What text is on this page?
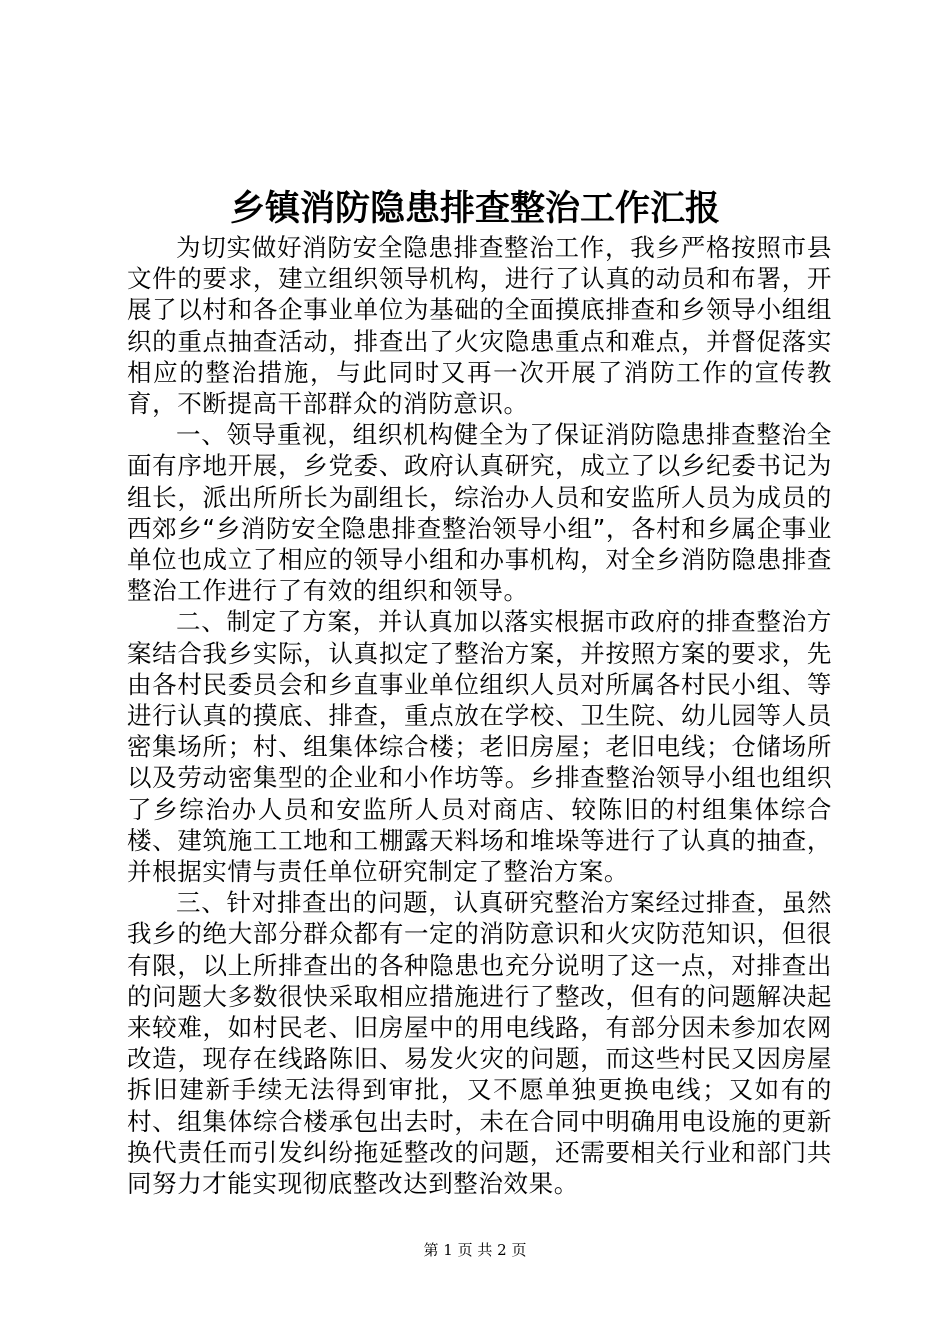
乡镇消防隐患排查整治工作汇报

为切实做好消防安全隐患排查整治工作，我乡严格按照市县文件的要求，建立组织领导机构，进行了认真的动员和布署，开展了以村和各企事业单位为基础的全面摸底排查和乡领导小组组织的重点抽查活动，排查出了火灾隐患重点和难点，并督促落实相应的整治措施，与此同时又再一次开展了消防工作的宣传教育，不断提高干部群众的消防意识。

一、领导重视，组织机构健全为了保证消防隐患排查整治全面有序地开展，乡党委、政府认真研究，成立了以乡纪委书记为组长，派出所所长为副组长，综治办人员和安监所人员为成员的西郊乡“乡消防安全隐患排查整治领导小组”，各村和乡属企事业单位也成立了相应的领导小组和办事机构，对全乡消防隐患排查整治工作进行了有效的组织和领导。

二、制定了方案，并认真加以落实根据市政府的排查整治方案结合我乡实际，认真拟定了整治方案，并按照方案的要求，先由各村民委员会和乡直事业单位组织人员对所属各村民小组、等进行认真的摸底、排查，重点放在学校、卫生院、幼儿园等人员密集场所；村、组集体综合楼；老旧房屋；老旧电线；仓储场所以及劳动密集型的企业和小作坊等。乡排查整治领导小组也组织了乡综治办人员和安监所人员对商店、较陈旧的村组集体综合楼、建筑施工工地和工棚露天料场和堆垛等进行了认真的抽查，并根据实情与责任单位研究制定了整治方案。

三、针对排查出的问题，认真研究整治方案经过排查，虽然我乡的绝大部分群众都有一定的消防意识和火灾防范知识，但很有限，以上所排查出的各种隐患也充分说明了这一点，对排查出的问题大多数很快采取相应措施进行了整改，但有的问题解决起来较难，如村民老、旧房屋中的用电线路，有部分因未参加农网改造，现存在线路陈旧、易发火灾的问题，而这些村民又因房屋拆旧建新手续无法得到审批，又不愿单独更换电线；又如有的村、组集体综合楼承包出去时，未在合同中明确用电设施的更新换代责任而引发纠纷拖延整改的问题，还需要相关行业和部门共同努力才能实现彻底整改达到整治效果。

第 1 页 共 2 页
